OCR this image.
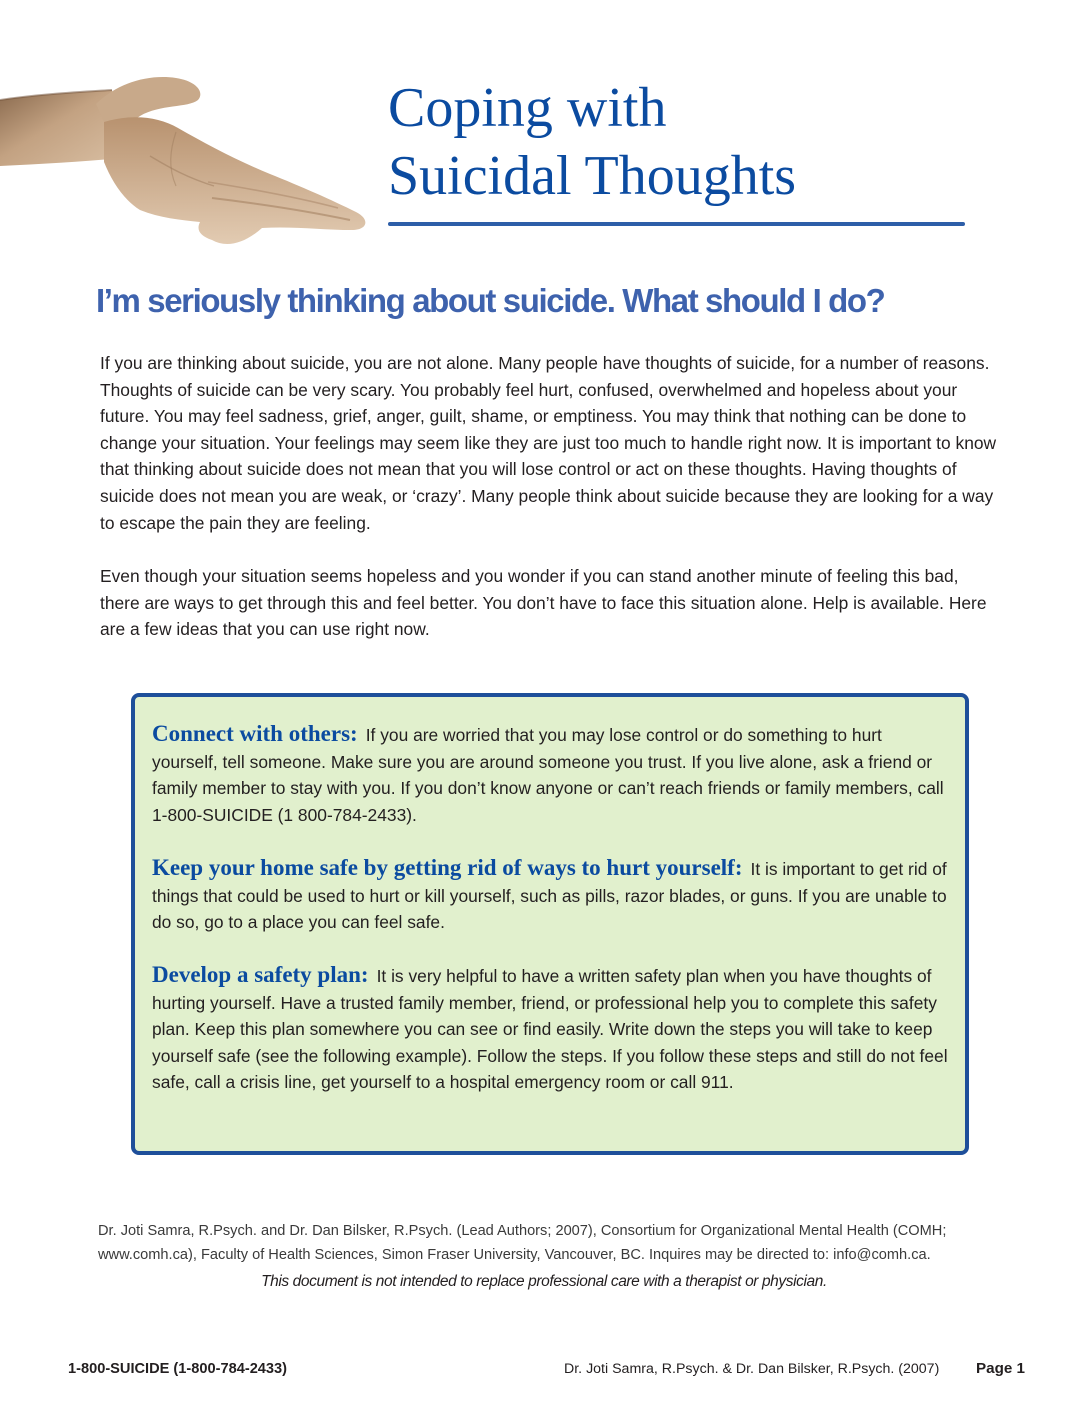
Coping with
Suicidal Thoughts
I’m seriously thinking about suicide. What should I do?

If you are thinking about suicide, you are not alone. Many people have thoughts of suicide, for a number of reasons. Thoughts of suicide can be very scary. You probably feel hurt, confused, overwhelmed and hopeless about your future. You may feel sadness, grief, anger, guilt, shame, or emptiness. You may think that nothing can be done to change your situation. Your feelings may seem like they are just too much to handle right now. It is important to know that thinking about suicide does not mean that you will lose control or act on these thoughts. Having thoughts of suicide does not mean you are weak, or ‘crazy’. Many people think about suicide because they are looking for a way to escape the pain they are feeling.

Even though your situation seems hopeless and you wonder if you can stand another minute of feeling this bad, there are ways to get through this and feel better. You don’t have to face this situation alone. Help is available. Here are a few ideas that you can use right now.

Connect with others: If you are worried that you may lose control or do something to hurt yourself, tell someone. Make sure you are around someone you trust. If you live alone, ask a friend or family member to stay with you. If you don’t know anyone or can’t reach friends or family members, call 1-800-SUICIDE (1 800-784-2433).

Keep your home safe by getting rid of ways to hurt yourself: It is important to get rid of things that could be used to hurt or kill yourself, such as pills, razor blades, or guns. If you are unable to do so, go to a place you can feel safe.

Develop a safety plan: It is very helpful to have a written safety plan when you have thoughts of hurting yourself. Have a trusted family member, friend, or professional help you to complete this safety plan. Keep this plan somewhere you can see or find easily. Write down the steps you will take to keep yourself safe (see the following example). Follow the steps. If you follow these steps and still do not feel safe, call a crisis line, get yourself to a hospital emergency room or call 911.

Dr. Joti Samra, R.Psych. and Dr. Dan Bilsker, R.Psych. (Lead Authors; 2007), Consortium for Organizational Mental Health (COMH; www.comh.ca), Faculty of Health Sciences, Simon Fraser University, Vancouver, BC. Inquires may be directed to: info@comh.ca.

This document is not intended to replace professional care with a therapist or physician.

1-800-SUICIDE (1-800-784-2433)	Dr. Joti Samra, R.Psych. & Dr. Dan Bilsker, R.Psych. (2007) Page 1
